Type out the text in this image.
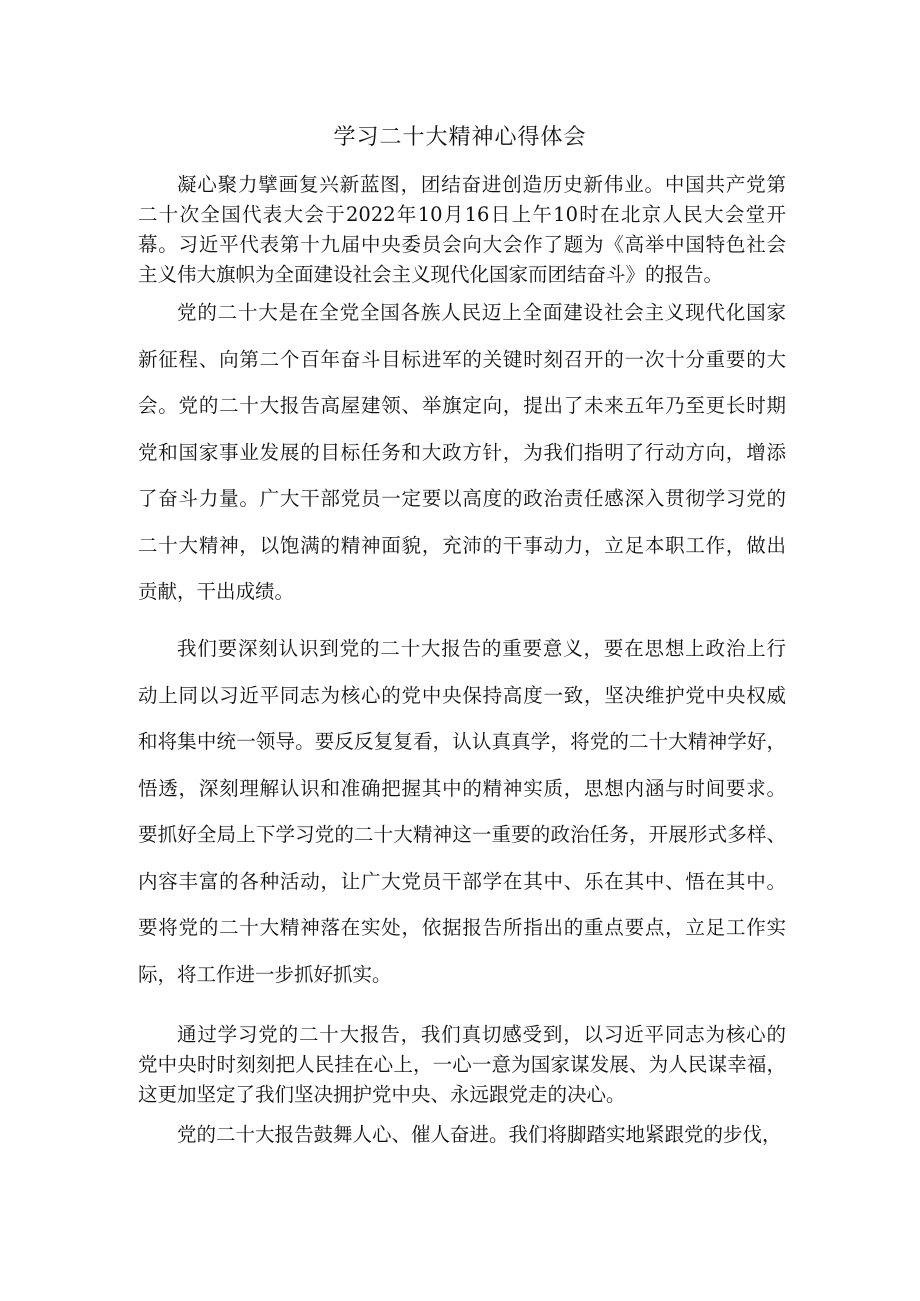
学习二十大精神心得体会
凝心聚力擘画复兴新蓝图，团结奋进创造历史新伟业。中国共产党第
二十次全国代表大会于2022年10月16日上午10时在北京人民大会堂开
幕。习近平代表第十九届中央委员会向大会作了题为《高举中国特色社会
主义伟大旗帜为全面建设社会主义现代化国家而团结奋斗》的报告。
党的二十大是在全党全国各族人民迈上全面建设社会主义现代化国家
新征程、向第二个百年奋斗目标进军的关键时刻召开的一次十分重要的大
会。党的二十大报告高屋建领、举旗定向，提出了未来五年乃至更长时期
党和国家事业发展的目标任务和大政方针，为我们指明了行动方向，增添
了奋斗力量。广大干部党员一定要以高度的政治责任感深入贯彻学习党的
二十大精神，以饱满的精神面貌，充沛的干事动力，立足本职工作，做出
贡献，干出成绩。
我们要深刻认识到党的二十大报告的重要意义，要在思想上政治上行
动上同以习近平同志为核心的党中央保持高度一致，坚决维护党中央权威
和将集中统一领导。要反反复复看，认认真真学，将党的二十大精神学好，
悟透，深刻理解认识和准确把握其中的精神实质，思想内涵与时间要求。
要抓好全局上下学习党的二十大精神这一重要的政治任务，开展形式多样、
内容丰富的各种活动，让广大党员干部学在其中、乐在其中、悟在其中。
要将党的二十大精神落在实处，依据报告所指出的重点要点，立足工作实
际，将工作进一步抓好抓实。
通过学习党的二十大报告，我们真切感受到，以习近平同志为核心的
党中央时时刻刻把人民挂在心上，一心一意为国家谋发展、为人民谋幸福，
这更加坚定了我们坚决拥护党中央、永远跟党走的决心。
党的二十大报告鼓舞人心、催人奋进。我们将脚踏实地紧跟党的步伐，
